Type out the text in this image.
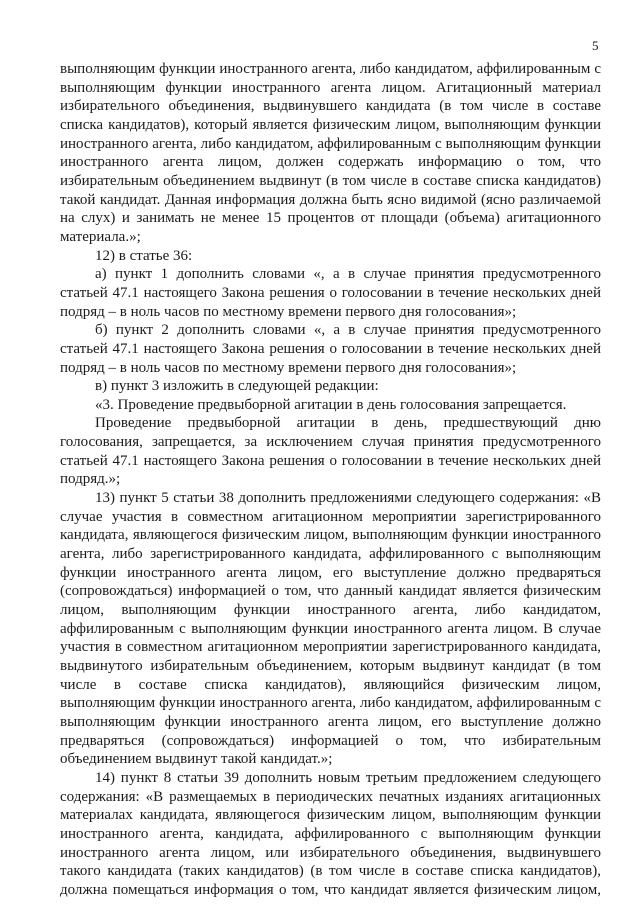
5

выполняющим функции иностранного агента, либо кандидатом, аффилированным с выполняющим функции иностранного агента лицом. Агитационный материал избирательного объединения, выдвинувшего кандидата (в том числе в составе списка кандидатов), который является физическим лицом, выполняющим функции иностранного агента, либо кандидатом, аффилированным с выполняющим функции иностранного агента лицом, должен содержать информацию о том, что избирательным объединением выдвинут (в том числе в составе списка кандидатов) такой кандидат. Данная информация должна быть ясно видимой (ясно различаемой на слух) и занимать не менее 15 процентов от площади (объема) агитационного материала.»;

12) в статье 36:

а) пункт 1 дополнить словами «, а в случае принятия предусмотренного статьей 47.1 настоящего Закона решения о голосовании в течение нескольких дней подряд – в ноль часов по местному времени первого дня голосования»;

б) пункт 2 дополнить словами «, а в случае принятия предусмотренного статьей 47.1 настоящего Закона решения о голосовании в течение нескольких дней подряд – в ноль часов по местному времени первого дня голосования»;

в) пункт 3 изложить в следующей редакции:

«3. Проведение предвыборной агитации в день голосования запрещается.

Проведение предвыборной агитации в день, предшествующий дню голосования, запрещается, за исключением случая принятия предусмотренного статьей 47.1 настоящего Закона решения о голосовании в течение нескольких дней подряд.»;

13) пункт 5 статьи 38 дополнить предложениями следующего содержания: «В случае участия в совместном агитационном мероприятии зарегистрированного кандидата, являющегося физическим лицом, выполняющим функции иностранного агента, либо зарегистрированного кандидата, аффилированного с выполняющим функции иностранного агента лицом, его выступление должно предваряться (сопровождаться) информацией о том, что данный кандидат является физическим лицом, выполняющим функции иностранного агента, либо кандидатом, аффилированным с выполняющим функции иностранного агента лицом. В случае участия в совместном агитационном мероприятии зарегистрированного кандидата, выдвинутого избирательным объединением, которым выдвинут кандидат (в том числе в составе списка кандидатов), являющийся физическим лицом, выполняющим функции иностранного агента, либо кандидатом, аффилированным с выполняющим функции иностранного агента лицом, его выступление должно предваряться (сопровождаться) информацией о том, что избирательным объединением выдвинут такой кандидат.»;

14) пункт 8 статьи 39 дополнить новым третьим предложением следующего содержания: «В размещаемых в периодических печатных изданиях агитационных материалах кандидата, являющегося физическим лицом, выполняющим функции иностранного агента, кандидата, аффилированного с выполняющим функции иностранного агента лицом, или избирательного объединения, выдвинувшего такого кандидата (таких кандидатов) (в том числе в составе списка кандидатов), должна помещаться информация о том, что кандидат является физическим лицом,
